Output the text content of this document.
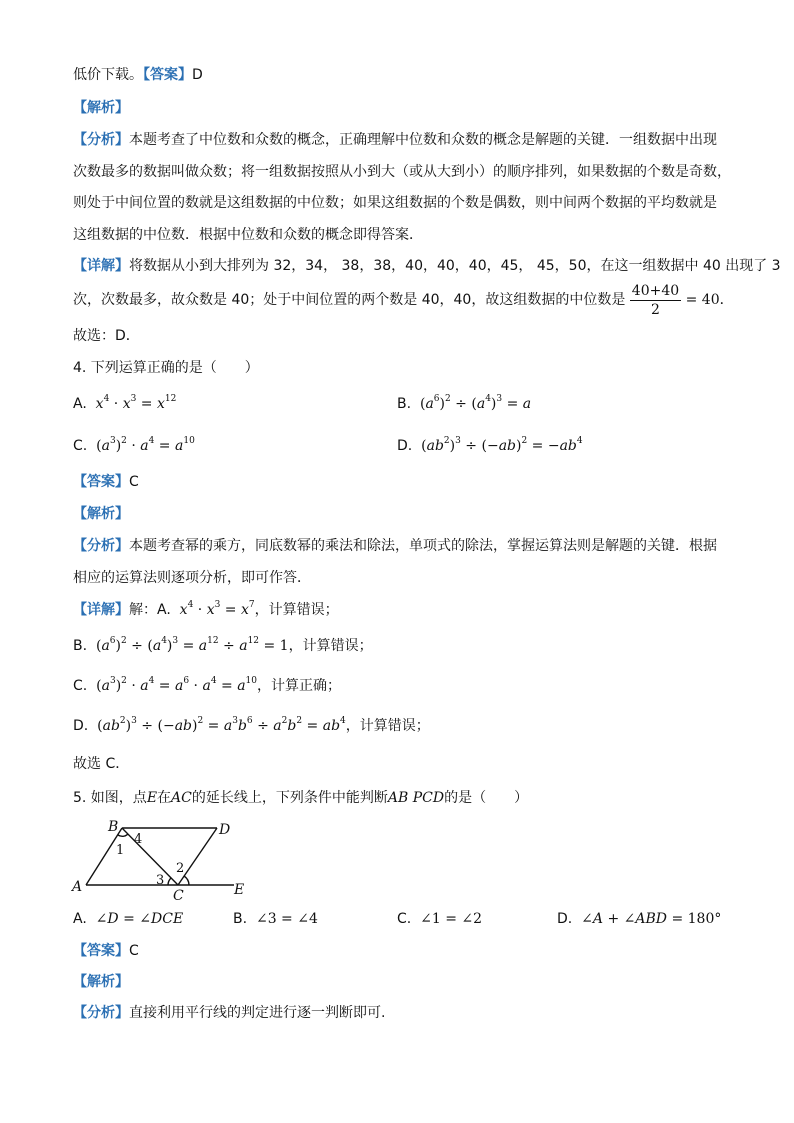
低价下载。【答案】D
【解析】
【分析】本题考查了中位数和众数的概念，正确理解中位数和众数的概念是解题的关键．一组数据中出现
次数最多的数据叫做众数；将一组数据按照从小到大（或从大到小）的顺序排列，如果数据的个数是奇数，
则处于中间位置的数就是这组数据的中位数；如果这组数据的个数是偶数，则中间两个数据的平均数就是
这组数据的中位数．根据中位数和众数的概念即得答案．
【详解】将数据从小到大排列为 32，34， 38，38，40，40，40，45， 45，50，在这一组数据中 40 出现了 3
次，次数最多，故众数是 40；处于中间位置的两个数是 40，40，故这组数据的中位数是 $\frac{40+40}{2} = 40$．
故选：D．
4. 下列运算正确的是（　　）
A.  $x^4 \cdot x^3 = x^{12}$	B.  $(a^6)^2 \div (a^4)^3 = a$
C.  $(a^3)^2 \cdot a^4 = a^{10}$	D.  $(ab^2)^3 \div (-ab)^2 = -ab^4$
【答案】C
【解析】
【分析】本题考查幂的乘方，同底数幂的乘法和除法，单项式的除法，掌握运算法则是解题的关键．根据
相应的运算法则逐项分析，即可作答．
【详解】解：A.  $x^4 \cdot x^3 = x^7$，计算错误；
B.  $(a^6)^2 \div (a^4)^3 = a^{12} \div a^{12} = 1$，计算错误；
C.  $(a^3)^2 \cdot a^4 = a^6 \cdot a^4 = a^{10}$，计算正确；
D.  $(ab^2)^3 \div (-ab)^2 = a^3b^6 \div a^2b^2 = ab^4$，计算错误；
故选 C．
5. 如图，点E在AC的延长线上，下列条件中能判断AB PCD的是（　　）
B	D
A
C	E
4
1
2
3
A.  ∠D = ∠DCE	B.  ∠3 = ∠4	C.  ∠1 = ∠2	D.  ∠A + ∠ABD = 180°
【答案】C
【解析】
【分析】直接利用平行线的判定进行逐一判断即可.
